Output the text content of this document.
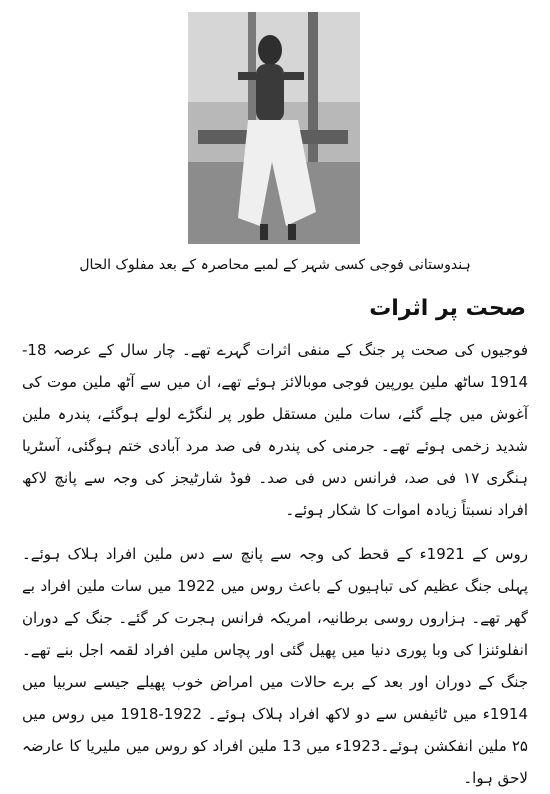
ہندوستانی فوجی کسی شہر کے لمبے محاصرہ کے بعد مفلوک الحال
صحت پر اثرات
فوجیوں کی صحت پر جنگ کے منفی اثرات گہرے تھے۔ چار سال کے عرصہ 18-1914 ساٹھ ملین یورپین فوجی موبالائز ہوئے تھے، ان میں سے آٹھ ملین موت کی آغوش میں چلے گئے، سات ملین مستقل طور پر لنگڑے لولے ہوگئے، پندرہ ملین شدید زخمی ہوئے تھے۔ جرمنی کی پندرہ فی صد مرد آبادی ختم ہوگئی، آسٹریا ہنگری ۱۷ فی صد، فرانس دس فی صد۔ فوڈ شارٹیجز کی وجہ سے پانچ لاکھ افراد نسبتاً زیادہ اموات کا شکار ہوئے۔
روس کے 1921ء کے قحط کی وجہ سے پانچ سے دس ملین افراد ہلاک ہوئے۔ پہلی جنگ عظیم کی تباہیوں کے باعث روس میں 1922 میں سات ملین افراد بے گھر تھے۔ ہزاروں روسی برطانیہ، امریکہ فرانس ہجرت کر گئے۔ جنگ کے دوران انفلوئنزا کی وبا پوری دنیا میں پھیل گئی اور پچاس ملین افراد لقمہ اجل بنے تھے۔ جنگ کے دوران اور بعد کے برے حالات میں امراض خوب پھیلے جیسے سربیا میں 1914ء میں ٹائیفس سے دو لاکھ افراد ہلاک ہوئے۔ 1922-1918 میں روس میں ۲۵ ملین انفکشن ہوئے۔1923ء میں 13 ملین افراد کو روس میں ملیریا کا عارضہ لاحق ہوا۔
